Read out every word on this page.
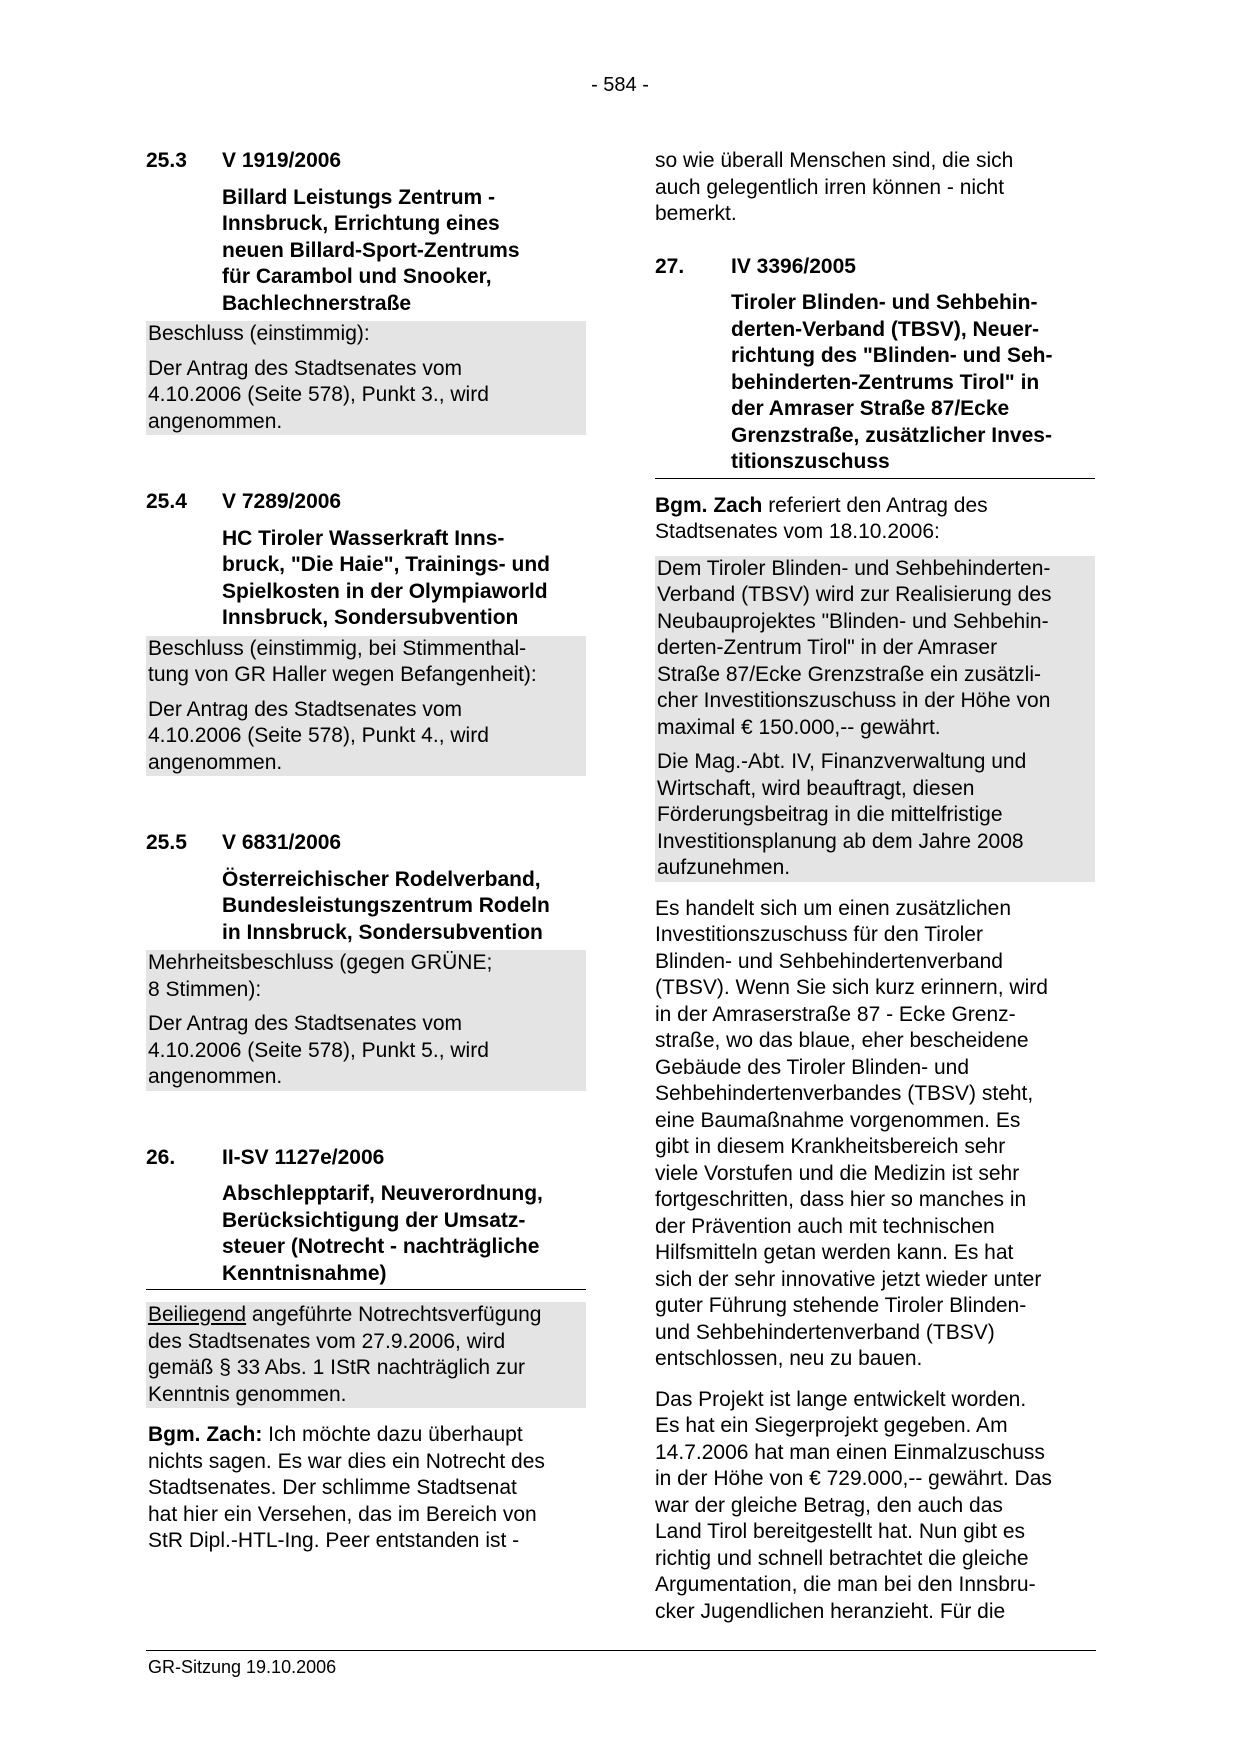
- 584 -
25.3	V 1919/2006
Billard Leistungs Zentrum -
Innsbruck, Errichtung eines
neuen Billard-Sport-Zentrums
für Carambol und Snooker,
Bachlechnerstraße

Beschluss (einstimmig):

Der Antrag des Stadtsenates vom
4.10.2006 (Seite 578), Punkt 3., wird
angenommen.

25.4	V 7289/2006
HC Tiroler Wasserkraft Inns-
bruck, "Die Haie", Trainings- und
Spielkosten in der Olympiaworld
Innsbruck, Sondersubvention

Beschluss (einstimmig, bei Stimmenthal-
tung von GR Haller wegen Befangenheit):

Der Antrag des Stadtsenates vom
4.10.2006 (Seite 578), Punkt 4., wird
angenommen.

25.5	V 6831/2006
Österreichischer Rodelverband,
Bundesleistungszentrum Rodeln
in Innsbruck, Sondersubvention

Mehrheitsbeschluss (gegen GRÜNE;
8 Stimmen):

Der Antrag des Stadtsenates vom
4.10.2006 (Seite 578), Punkt 5., wird
angenommen.

26.	II-SV 1127e/2006
Abschlepptarif, Neuverordnung,
Berücksichtigung der Umsatz-
steuer (Notrecht - nachträgliche
Kenntnisnahme)

Beiliegend angeführte Notrechtsverfügung
des Stadtsenates vom 27.9.2006, wird
gemäß § 33 Abs. 1 IStR nachträglich zur
Kenntnis genommen.

Bgm. Zach: Ich möchte dazu überhaupt
nichts sagen. Es war dies ein Notrecht des
Stadtsenates. Der schlimme Stadtsenat
hat hier ein Versehen, das im Bereich von
StR Dipl.-HTL-Ing. Peer entstanden ist -

so wie überall Menschen sind, die sich
auch gelegentlich irren können - nicht
bemerkt.

27.	IV 3396/2005
Tiroler Blinden- und Sehbehin-
derten-Verband (TBSV), Neuer-
richtung des "Blinden- und Seh-
behinderten-Zentrums Tirol" in
der Amraser Straße 87/Ecke
Grenzstraße, zusätzlicher Inves-
titionszuschuss

Bgm. Zach referiert den Antrag des
Stadtsenates vom 18.10.2006:

Dem Tiroler Blinden- und Sehbehinderten-
Verband (TBSV) wird zur Realisierung des
Neubauprojektes "Blinden- und Sehbehin-
derten-Zentrum Tirol" in der Amraser
Straße 87/Ecke Grenzstraße ein zusätzli-
cher Investitionszuschuss in der Höhe von
maximal € 150.000,-- gewährt.

Die Mag.-Abt. IV, Finanzverwaltung und
Wirtschaft, wird beauftragt, diesen
Förderungsbeitrag in die mittelfristige
Investitionsplanung ab dem Jahre 2008
aufzunehmen.

Es handelt sich um einen zusätzlichen
Investitionszuschuss für den Tiroler
Blinden- und Sehbehindertenverband
(TBSV). Wenn Sie sich kurz erinnern, wird
in der Amraserstraße 87 - Ecke Grenz-
straße, wo das blaue, eher bescheidene
Gebäude des Tiroler Blinden- und
Sehbehindertenverbandes (TBSV) steht,
eine Baumaßnahme vorgenommen. Es
gibt in diesem Krankheitsbereich sehr
viele Vorstufen und die Medizin ist sehr
fortgeschritten, dass hier so manches in
der Prävention auch mit technischen
Hilfsmitteln getan werden kann. Es hat
sich der sehr innovative jetzt wieder unter
guter Führung stehende Tiroler Blinden-
und Sehbehindertenverband (TBSV)
entschlossen, neu zu bauen.

Das Projekt ist lange entwickelt worden.
Es hat ein Siegerprojekt gegeben. Am
14.7.2006 hat man einen Einmalzuschuss
in der Höhe von € 729.000,-- gewährt. Das
war der gleiche Betrag, den auch das
Land Tirol bereitgestellt hat. Nun gibt es
richtig und schnell betrachtet die gleiche
Argumentation, die man bei den Innsbru-
cker Jugendlichen heranzieht. Für die

GR-Sitzung 19.10.2006
